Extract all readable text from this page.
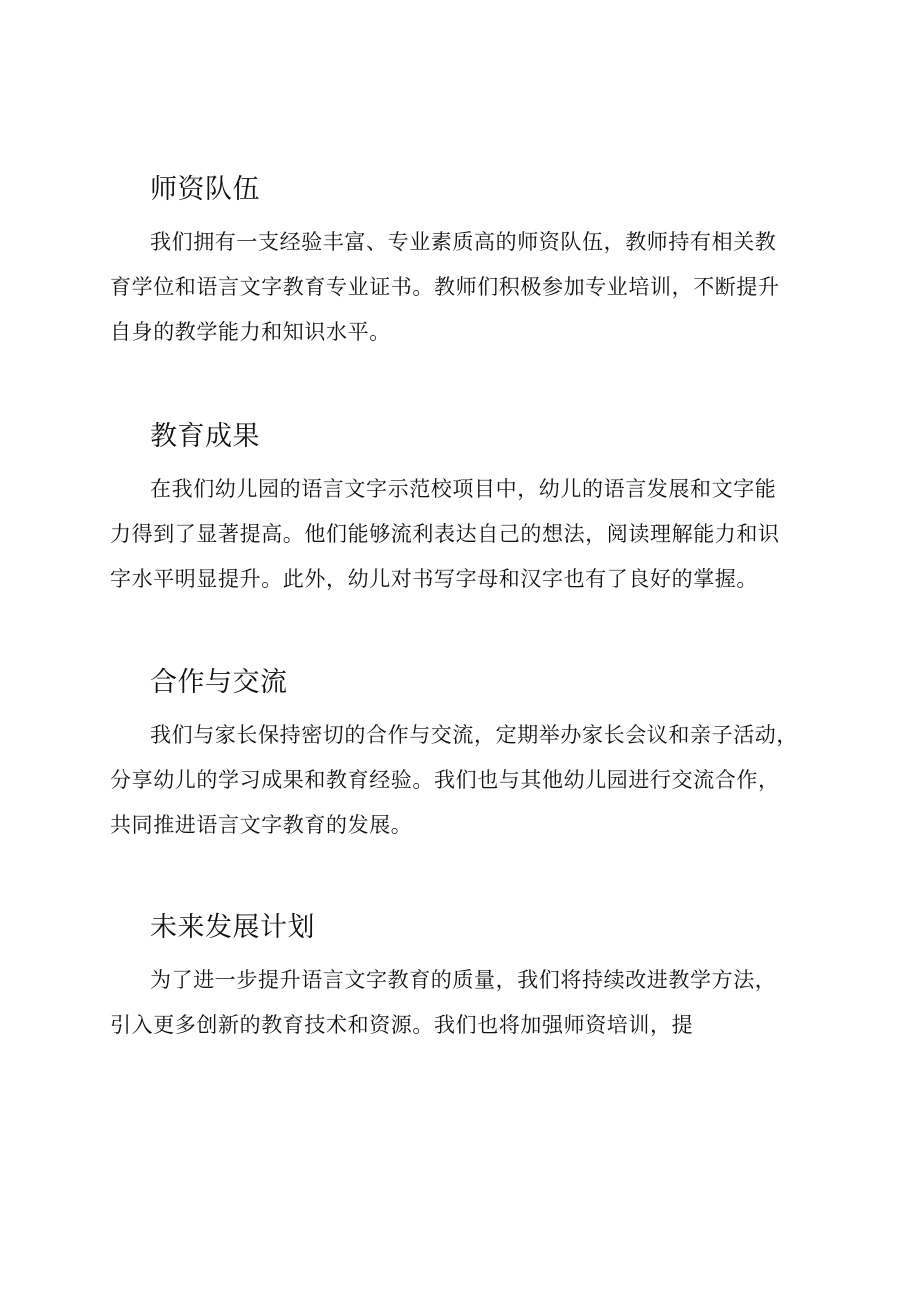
师资队伍
我们拥有一支经验丰富、专业素质高的师资队伍，教师持有相关教
育学位和语言文字教育专业证书。教师们积极参加专业培训，不断提升
自身的教学能力和知识水平。
教育成果
在我们幼儿园的语言文字示范校项目中，幼儿的语言发展和文字能
力得到了显著提高。他们能够流利表达自己的想法，阅读理解能力和识
字水平明显提升。此外，幼儿对书写字母和汉字也有了良好的掌握。
合作与交流
我们与家长保持密切的合作与交流，定期举办家长会议和亲子活动，
分享幼儿的学习成果和教育经验。我们也与其他幼儿园进行交流合作，
共同推进语言文字教育的发展。
未来发展计划
为了进一步提升语言文字教育的质量，我们将持续改进教学方法，
引入更多创新的教育技术和资源。我们也将加强师资培训，提
